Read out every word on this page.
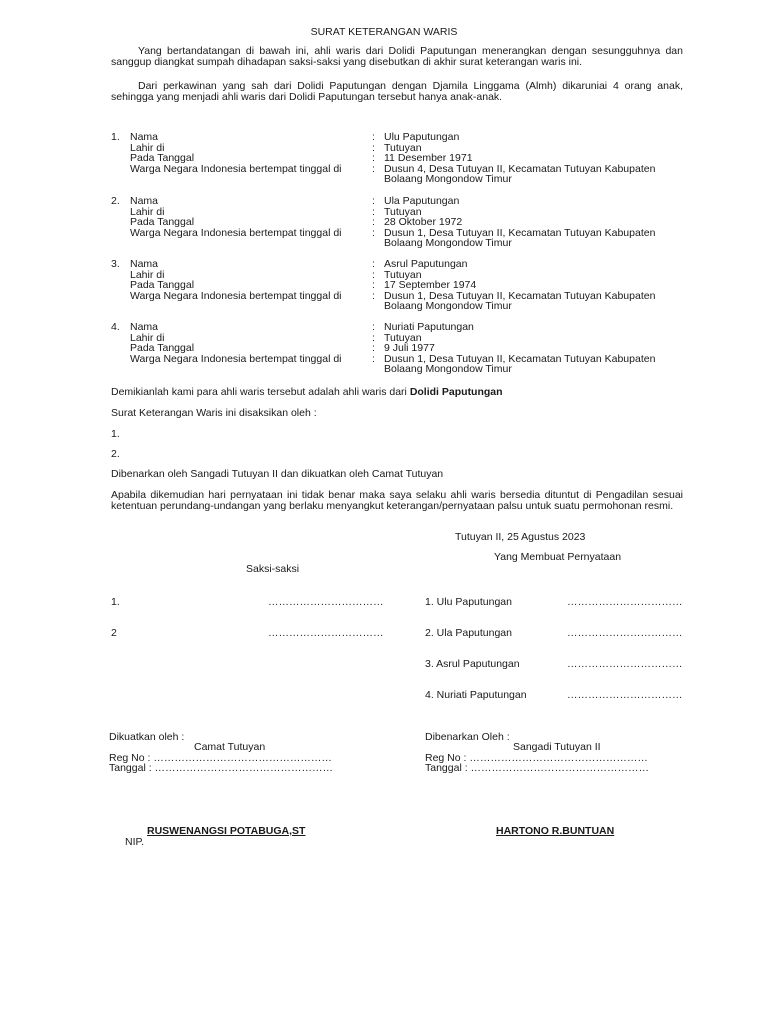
SURAT KETERANGAN WARIS
Yang bertandatangan di bawah ini, ahli waris dari Dolidi Paputungan menerangkan dengan sesungguhnya dan sanggup diangkat sumpah dihadapan saksi-saksi yang disebutkan di akhir surat keterangan waris ini.
Dari perkawinan yang sah dari Dolidi Paputungan dengan Djamila Linggama (Almh) dikaruniai 4 orang anak, sehingga yang menjadi ahli waris dari Dolidi Paputungan tersebut hanya anak-anak.
1. Nama	: Ulu Paputungan
Lahir di	: Tutuyan
Pada Tanggal	: 11 Desember 1971
Warga Negara Indonesia bertempat tinggal di	: Dusun 4, Desa Tutuyan II, Kecamatan Tutuyan Kabupaten
Bolaang Mongondow Timur
2. Nama	: Ula Paputungan
Lahir di	: Tutuyan
Pada Tanggal	: 28 Oktober 1972
Warga Negara Indonesia bertempat tinggal di	: Dusun 1, Desa Tutuyan II, Kecamatan Tutuyan Kabupaten
Bolaang Mongondow Timur
3. Nama	: Asrul Paputungan
Lahir di	: Tutuyan
Pada Tanggal	: 17 September 1974
Warga Negara Indonesia bertempat tinggal di	: Dusun 1, Desa Tutuyan II, Kecamatan Tutuyan Kabupaten
Bolaang Mongondow Timur
4. Nama	: Nuriati Paputungan
Lahir di	: Tutuyan
Pada Tanggal	: 9 Juli 1977
Warga Negara Indonesia bertempat tinggal di	: Dusun 1, Desa Tutuyan II, Kecamatan Tutuyan Kabupaten
Bolaang Mongondow Timur
Demikianlah kami para ahli waris tersebut adalah ahli waris dari Dolidi Paputungan
Surat Keterangan Waris ini disaksikan oleh :
1.
2.
Dibenarkan oleh Sangadi Tutuyan II dan dikuatkan oleh Camat Tutuyan
Apabila dikemudian hari pernyataan ini tidak benar maka saya selaku ahli waris bersedia dituntut di Pengadilan sesuai ketentuan perundang-undangan yang berlaku menyangkut keterangan/pernyataan palsu untuk suatu permohonan resmi.
Tutuyan II, 25 Agustus 2023
Yang Membuat Pernyataan
Saksi-saksi
1.	……………………………
2	……………………………
1. Ulu Paputungan	……………………………
2. Ula Paputungan	……………………………
3. Asrul Paputungan	……………………………
4. Nuriati Paputungan	……………………………
Dikuatkan oleh :
Camat Tutuyan
Reg No : ……………………………………………
Tanggal : ……………………………………………
RUSWENANGSI POTABUGA,ST
NIP.
Dibenarkan Oleh :
Sangadi Tutuyan II
Reg No : ……………………………………………
Tanggal : ……………………………………………
HARTONO R.BUNTUAN
